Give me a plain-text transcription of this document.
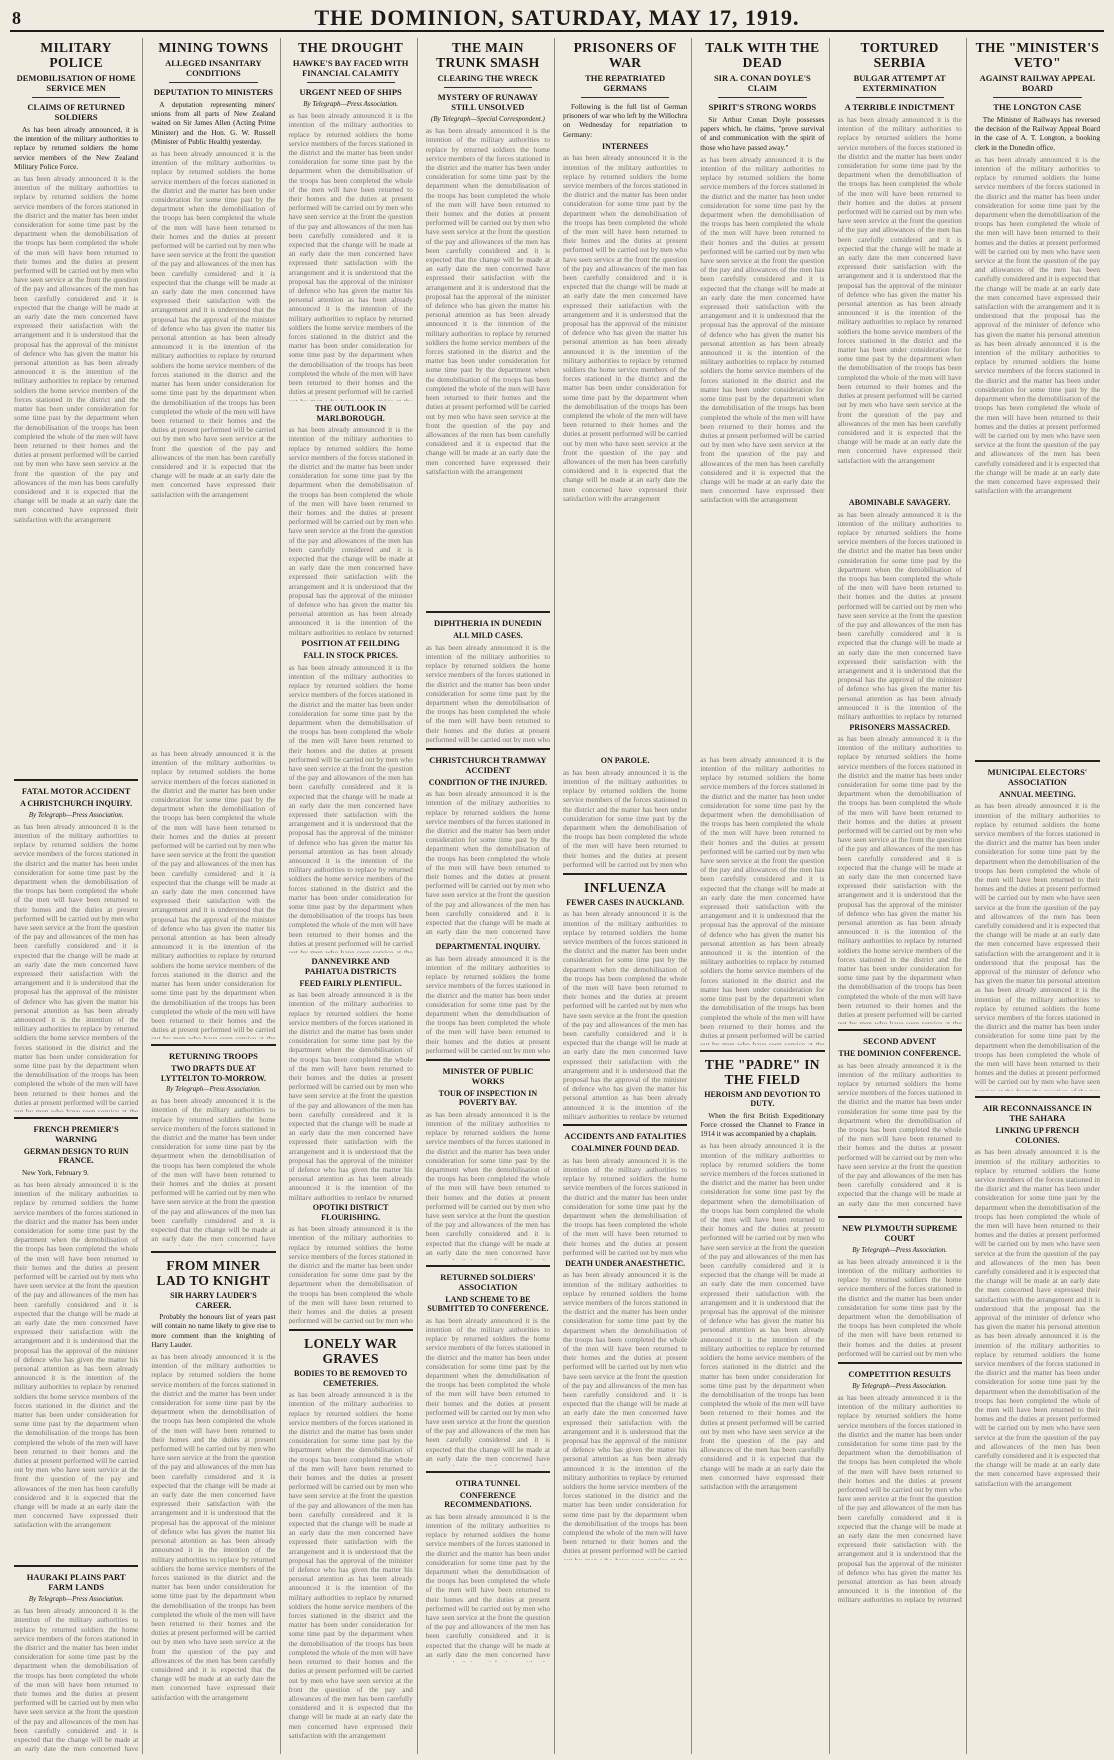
8	THE DOMINION, SATURDAY, MAY 17, 1919.
MILITARY POLICE
DEMOBILISATION OF HOME SERVICE MEN
CLAIMS OF RETURNED SOLDIERS

As has been already announced, it is the intention of the military authorities to replace by returned soldiers the home service members of the New Zealand Military Police Force.

as has been already announced it is the intention of the military authorities to replace by returned soldiers the home service members of the forces stationed in the district and the matter has been under consideration for some time past by the department when the demobilisation of the troops has been completed the whole of the men will have been returned to their homes and the duties at present performed will be carried out by men who have seen service at the front the question of the pay and allowances of the men has been carefully considered and it is expected that the change will be made at an early date the men concerned have expressed their satisfaction with the arrangement and it is understood that the proposal has the approval of the minister of defence who has given the matter his personal attention as has been already announced it is the intention of the military authorities to replace by returned soldiers the home service members of the forces stationed in the district and the matter has been under consideration for some time past by the department when the demobilisation of the troops has been completed the whole of the men will have been returned to their homes and the duties at present performed will be carried out by men who have seen service at the front the question of the pay and allowances of the men has been carefully considered and it is expected that the change will be made at an early date the men concerned have expressed their satisfaction with the arrangement
FATAL MOTOR ACCIDENT
A CHRISTCHURCH INQUIRY.
By Telegraph—Press Association.
as has been already announced it is the intention of the military authorities to replace by returned soldiers the home service members of the forces stationed in the district and the matter has been under consideration for some time past by the department when the demobilisation of the troops has been completed the whole of the men will have been returned to their homes and the duties at present performed will be carried out by men who have seen service at the front the question of the pay and allowances of the men has been carefully considered and it is expected that the change will be made at an early date the men concerned have expressed their satisfaction with the arrangement and it is understood that the proposal has the approval of the minister of defence who has given the matter his personal attention as has been already announced it is the intention of the military authorities to replace by returned soldiers the home service members of the forces stationed in the district and the matter has been under consideration for some time past by the department when the demobilisation of the troops has been completed the whole of the men will have been returned to their homes and the duties at present performed will be carried out by men who have seen service at the front the question of the pay and allowances of the men has been carefully considered and it is expected that the change will be made at an early date the men concerned have expressed their satisfaction with the arrangement
FRENCH PREMIER'S WARNING
GERMAN DESIGN TO RUIN FRANCE.

New York, February 9.

as has been already announced it is the intention of the military authorities to replace by returned soldiers the home service members of the forces stationed in the district and the matter has been under consideration for some time past by the department when the demobilisation of the troops has been completed the whole of the men will have been returned to their homes and the duties at present performed will be carried out by men who have seen service at the front the question of the pay and allowances of the men has been carefully considered and it is expected that the change will be made at an early date the men concerned have expressed their satisfaction with the arrangement and it is understood that the proposal has the approval of the minister of defence who has given the matter his personal attention as has been already announced it is the intention of the military authorities to replace by returned soldiers the home service members of the forces stationed in the district and the matter has been under consideration for some time past by the department when the demobilisation of the troops has been completed the whole of the men will have been returned to their homes and the duties at present performed will be carried out by men who have seen service at the front the question of the pay and allowances of the men has been carefully considered and it is expected that the change will be made at an early date the men concerned have expressed their satisfaction with the arrangement
HAURAKI PLAINS PART FARM LANDS
By Telegraph—Press Association.
as has been already announced it is the intention of the military authorities to replace by returned soldiers the home service members of the forces stationed in the district and the matter has been under consideration for some time past by the department when the demobilisation of the troops has been completed the whole of the men will have been returned to their homes and the duties at present performed will be carried out by men who have seen service at the front the question of the pay and allowances of the men has been carefully considered and it is expected that the change will be made at an early date the men concerned have expressed their satisfaction with the arrangement and it is understood that the proposal has the approval of the minister of defence who has given the matter his personal attention as has been already announced it is the intention of the military authorities to replace by returned soldiers the home service members of the forces stationed in the district and the matter has been under consideration for some time past by the department when the demobilisation of the troops has been completed the whole of the men will have been returned to their homes and the duties at present performed will be carried out by men who have seen service at the front the question of the pay and allowances of the men has been carefully considered and it is expected that the change will be made at an early date the men concerned have expressed their satisfaction with the arrangement
MINING TOWNS
ALLEGED INSANITARY CONDITIONS
DEPUTATION TO MINISTERS

A deputation representing miners' unions from all parts of New Zealand waited on Sir James Allen (Acting Prime Minister) and the Hon. G. W. Russell (Minister of Public Health) yesterday.

as has been already announced it is the intention of the military authorities to replace by returned soldiers the home service members of the forces stationed in the district and the matter has been under consideration for some time past by the department when the demobilisation of the troops has been completed the whole of the men will have been returned to their homes and the duties at present performed will be carried out by men who have seen service at the front the question of the pay and allowances of the men has been carefully considered and it is expected that the change will be made at an early date the men concerned have expressed their satisfaction with the arrangement and it is understood that the proposal has the approval of the minister of defence who has given the matter his personal attention as has been already announced it is the intention of the military authorities to replace by returned soldiers the home service members of the forces stationed in the district and the matter has been under consideration for some time past by the department when the demobilisation of the troops has been completed the whole of the men will have been returned to their homes and the duties at present performed will be carried out by men who have seen service at the front the question of the pay and allowances of the men has been carefully considered and it is expected that the change will be made at an early date the men concerned have expressed their satisfaction with the arrangement
as has been already announced it is the intention of the military authorities to replace by returned soldiers the home service members of the forces stationed in the district and the matter has been under consideration for some time past by the department when the demobilisation of the troops has been completed the whole of the men will have been returned to their homes and the duties at present performed will be carried out by men who have seen service at the front the question of the pay and allowances of the men has been carefully considered and it is expected that the change will be made at an early date the men concerned have expressed their satisfaction with the arrangement and it is understood that the proposal has the approval of the minister of defence who has given the matter his personal attention as has been already announced it is the intention of the military authorities to replace by returned soldiers the home service members of the forces stationed in the district and the matter has been under consideration for some time past by the department when the demobilisation of the troops has been completed the whole of the men will have been returned to their homes and the duties at present performed will be carried out by men who have seen service at the front the question of the pay and allowances of the men has been carefully considered and it is expected that the change will be made at an early date the men concerned have expressed their satisfaction with the arrangement
RETURNING TROOPS
TWO DRAFTS DUE AT LYTTELTON TO-MORROW.
By Telegraph—Press Association.
as has been already announced it is the intention of the military authorities to replace by returned soldiers the home service members of the forces stationed in the district and the matter has been under consideration for some time past by the department when the demobilisation of the troops has been completed the whole of the men will have been returned to their homes and the duties at present performed will be carried out by men who have seen service at the front the question of the pay and allowances of the men has been carefully considered and it is expected that the change will be made at an early date the men concerned have expressed their satisfaction with the arrangement and it is understood that the proposal has the approval of the minister of defence who has given the matter his personal attention as has been already announced it is the intention of the military authorities to replace by returned soldiers the home service members of the forces stationed in the district and the matter has been under consideration for some time past by the department when the demobilisation of the troops has been completed the whole of the men will have been returned to their homes and the duties at present performed will be carried out by men who have seen service at the front the question of the pay and allowances of the men has been carefully considered and it is expected that the change will be made at an early date the men concerned have expressed their satisfaction with the arrangement
FROM MINER LAD TO KNIGHT
SIR HARRY LAUDER'S CAREER.

Probably the honours list of years past will contain no name likely to give rise to more comment than the knighting of Harry Lauder.

as has been already announced it is the intention of the military authorities to replace by returned soldiers the home service members of the forces stationed in the district and the matter has been under consideration for some time past by the department when the demobilisation of the troops has been completed the whole of the men will have been returned to their homes and the duties at present performed will be carried out by men who have seen service at the front the question of the pay and allowances of the men has been carefully considered and it is expected that the change will be made at an early date the men concerned have expressed their satisfaction with the arrangement and it is understood that the proposal has the approval of the minister of defence who has given the matter his personal attention as has been already announced it is the intention of the military authorities to replace by returned soldiers the home service members of the forces stationed in the district and the matter has been under consideration for some time past by the department when the demobilisation of the troops has been completed the whole of the men will have been returned to their homes and the duties at present performed will be carried out by men who have seen service at the front the question of the pay and allowances of the men has been carefully considered and it is expected that the change will be made at an early date the men concerned have expressed their satisfaction with the arrangement
THE DROUGHT
HAWKE'S BAY FACED WITH FINANCIAL CALAMITY
URGENT NEED OF SHIPS
By Telegraph—Press Association.
as has been already announced it is the intention of the military authorities to replace by returned soldiers the home service members of the forces stationed in the district and the matter has been under consideration for some time past by the department when the demobilisation of the troops has been completed the whole of the men will have been returned to their homes and the duties at present performed will be carried out by men who have seen service at the front the question of the pay and allowances of the men has been carefully considered and it is expected that the change will be made at an early date the men concerned have expressed their satisfaction with the arrangement and it is understood that the proposal has the approval of the minister of defence who has given the matter his personal attention as has been already announced it is the intention of the military authorities to replace by returned soldiers the home service members of the forces stationed in the district and the matter has been under consideration for some time past by the department when the demobilisation of the troops has been completed the whole of the men will have been returned to their homes and the duties at present performed will be carried out by men who have seen service at the front the question of the pay and allowances of the men has been carefully considered and it is expected that the change will be made at an early date the men concerned have expressed their satisfaction with the arrangement
THE OUTLOOK IN MARLBOROUGH.
as has been already announced it is the intention of the military authorities to replace by returned soldiers the home service members of the forces stationed in the district and the matter has been under consideration for some time past by the department when the demobilisation of the troops has been completed the whole of the men will have been returned to their homes and the duties at present performed will be carried out by men who have seen service at the front the question of the pay and allowances of the men has been carefully considered and it is expected that the change will be made at an early date the men concerned have expressed their satisfaction with the arrangement and it is understood that the proposal has the approval of the minister of defence who has given the matter his personal attention as has been already announced it is the intention of the military authorities to replace by returned soldiers the home service members of the forces stationed in the district and the matter has been under consideration for some time past by the department when the demobilisation of the troops has been completed the whole of the men will have been returned to their homes and the duties at present performed will be carried out by men who have seen service at the front the question of the pay and allowances of the men has been carefully considered and it is expected that the change will be made at an early date the men concerned have expressed their satisfaction with the arrangement
POSITION AT FEILDING
FALL IN STOCK PRICES.
as has been already announced it is the intention of the military authorities to replace by returned soldiers the home service members of the forces stationed in the district and the matter has been under consideration for some time past by the department when the demobilisation of the troops has been completed the whole of the men will have been returned to their homes and the duties at present performed will be carried out by men who have seen service at the front the question of the pay and allowances of the men has been carefully considered and it is expected that the change will be made at an early date the men concerned have expressed their satisfaction with the arrangement and it is understood that the proposal has the approval of the minister of defence who has given the matter his personal attention as has been already announced it is the intention of the military authorities to replace by returned soldiers the home service members of the forces stationed in the district and the matter has been under consideration for some time past by the department when the demobilisation of the troops has been completed the whole of the men will have been returned to their homes and the duties at present performed will be carried out by men who have seen service at the front the question of the pay and allowances of the men has been carefully considered and it is expected that the change will be made at an early date the men concerned have expressed their satisfaction with the arrangement
DANNEVIRKE AND PAHIATUA DISTRICTS
FEED FAIRLY PLENTIFUL.
as has been already announced it is the intention of the military authorities to replace by returned soldiers the home service members of the forces stationed in the district and the matter has been under consideration for some time past by the department when the demobilisation of the troops has been completed the whole of the men will have been returned to their homes and the duties at present performed will be carried out by men who have seen service at the front the question of the pay and allowances of the men has been carefully considered and it is expected that the change will be made at an early date the men concerned have expressed their satisfaction with the arrangement and it is understood that the proposal has the approval of the minister of defence who has given the matter his personal attention as has been already announced it is the intention of the military authorities to replace by returned soldiers the home service members of the forces stationed in the district and the matter has been under consideration for some time past by the department when the demobilisation of the troops has been completed the whole of the men will have been returned to their homes and the duties at present performed will be carried out by men who have seen service at the front the question of the pay and allowances of the men has been carefully considered and it is expected that the change will be made at an early date the men concerned have expressed their satisfaction with the arrangement
OPOTIKI DISTRICT FLOURISHING.
as has been already announced it is the intention of the military authorities to replace by returned soldiers the home service members of the forces stationed in the district and the matter has been under consideration for some time past by the department when the demobilisation of the troops has been completed the whole of the men will have been returned to their homes and the duties at present performed will be carried out by men who have seen service at the front the question of the pay and allowances of the men has been carefully considered and it is expected that the change will be made at an early date the men concerned have expressed their satisfaction with the arrangement and it is understood that the proposal has the approval of the minister of defence who has given the matter his personal attention as has been already announced it is the intention of the military authorities to replace by returned soldiers the home service members of the forces stationed in the district and the matter has been under consideration for some time past by the department when the demobilisation of the troops has been completed the whole of the men will have been returned to their homes and the duties at present performed will be carried out by men who have seen service at the front the question of the pay and allowances of the men has been carefully considered and it is expected that the change will be made at an early date the men concerned have expressed their satisfaction with the arrangement
LONELY WAR GRAVES
BODIES TO BE REMOVED TO CEMETERIES.
as has been already announced it is the intention of the military authorities to replace by returned soldiers the home service members of the forces stationed in the district and the matter has been under consideration for some time past by the department when the demobilisation of the troops has been completed the whole of the men will have been returned to their homes and the duties at present performed will be carried out by men who have seen service at the front the question of the pay and allowances of the men has been carefully considered and it is expected that the change will be made at an early date the men concerned have expressed their satisfaction with the arrangement and it is understood that the proposal has the approval of the minister of defence who has given the matter his personal attention as has been already announced it is the intention of the military authorities to replace by returned soldiers the home service members of the forces stationed in the district and the matter has been under consideration for some time past by the department when the demobilisation of the troops has been completed the whole of the men will have been returned to their homes and the duties at present performed will be carried out by men who have seen service at the front the question of the pay and allowances of the men has been carefully considered and it is expected that the change will be made at an early date the men concerned have expressed their satisfaction with the arrangement
THE MAIN TRUNK SMASH
CLEARING THE WRECK
MYSTERY OF RUNAWAY STILL UNSOLVED
(By Telegraph—Special Correspondent.)
as has been already announced it is the intention of the military authorities to replace by returned soldiers the home service members of the forces stationed in the district and the matter has been under consideration for some time past by the department when the demobilisation of the troops has been completed the whole of the men will have been returned to their homes and the duties at present performed will be carried out by men who have seen service at the front the question of the pay and allowances of the men has been carefully considered and it is expected that the change will be made at an early date the men concerned have expressed their satisfaction with the arrangement and it is understood that the proposal has the approval of the minister of defence who has given the matter his personal attention as has been already announced it is the intention of the military authorities to replace by returned soldiers the home service members of the forces stationed in the district and the matter has been under consideration for some time past by the department when the demobilisation of the troops has been completed the whole of the men will have been returned to their homes and the duties at present performed will be carried out by men who have seen service at the front the question of the pay and allowances of the men has been carefully considered and it is expected that the change will be made at an early date the men concerned have expressed their satisfaction with the arrangement
DIPHTHERIA IN DUNEDIN
ALL MILD CASES.
as has been already announced it is the intention of the military authorities to replace by returned soldiers the home service members of the forces stationed in the district and the matter has been under consideration for some time past by the department when the demobilisation of the troops has been completed the whole of the men will have been returned to their homes and the duties at present performed will be carried out by men who have seen service at the front the question of the pay and allowances of the men has been carefully considered and it is expected that the change will be made at an early date the men concerned have expressed their satisfaction with the arrangement and it is understood that the proposal has the approval of the minister of defence who has given the matter his personal attention as has been already announced it is the intention of the military authorities to replace by returned soldiers the home service members of the forces stationed in the district and the matter has been under consideration for some time past by the department when the demobilisation of the troops has been completed the whole of the men will have been returned to their homes and the duties at present performed will be carried out by men who have seen service at the front the question of the pay and allowances of the men has been carefully considered and it is expected that the change will be made at an early date the men concerned have expressed their satisfaction with the arrangement
CHRISTCHURCH TRAMWAY ACCIDENT
CONDITION OF THE INJURED.
as has been already announced it is the intention of the military authorities to replace by returned soldiers the home service members of the forces stationed in the district and the matter has been under consideration for some time past by the department when the demobilisation of the troops has been completed the whole of the men will have been returned to their homes and the duties at present performed will be carried out by men who have seen service at the front the question of the pay and allowances of the men has been carefully considered and it is expected that the change will be made at an early date the men concerned have expressed their satisfaction with the arrangement and it is understood that the proposal has the approval of the minister of defence who has given the matter his personal attention as has been already announced it is the intention of the military authorities to replace by returned soldiers the home service members of the forces stationed in the district and the matter has been under consideration for some time past by the department when the demobilisation of the troops has been completed the whole of the men will have been returned to their homes and the duties at present performed will be carried out by men who have seen service at the front the question of the pay and allowances of the men has been carefully considered and it is expected that the change will be made at an early date the men concerned have expressed their satisfaction with the arrangement
DEPARTMENTAL INQUIRY.
as has been already announced it is the intention of the military authorities to replace by returned soldiers the home service members of the forces stationed in the district and the matter has been under consideration for some time past by the department when the demobilisation of the troops has been completed the whole of the men will have been returned to their homes and the duties at present performed will be carried out by men who have seen service at the front the question of the pay and allowances of the men has been carefully considered and it is expected that the change will be made at an early date the men concerned have expressed their satisfaction with the arrangement and it is understood that the proposal has the approval of the minister of defence who has given the matter his personal attention as has been already announced it is the intention of the military authorities to replace by returned soldiers the home service members of the forces stationed in the district and the matter has been under consideration for some time past by the department when the demobilisation of the troops has been completed the whole of the men will have been returned to their homes and the duties at present performed will be carried out by men who have seen service at the front the question of the pay and allowances of the men has been carefully considered and it is expected that the change will be made at an early date the men concerned have expressed their satisfaction with the arrangement
MINISTER OF PUBLIC WORKS
TOUR OF INSPECTION IN POVERTY BAY.
as has been already announced it is the intention of the military authorities to replace by returned soldiers the home service members of the forces stationed in the district and the matter has been under consideration for some time past by the department when the demobilisation of the troops has been completed the whole of the men will have been returned to their homes and the duties at present performed will be carried out by men who have seen service at the front the question of the pay and allowances of the men has been carefully considered and it is expected that the change will be made at an early date the men concerned have expressed their satisfaction with the arrangement and it is understood that the proposal has the approval of the minister of defence who has given the matter his personal attention as has been already announced it is the intention of the military authorities to replace by returned soldiers the home service members of the forces stationed in the district and the matter has been under consideration for some time past by the department when the demobilisation of the troops has been completed the whole of the men will have been returned to their homes and the duties at present performed will be carried out by men who have seen service at the front the question of the pay and allowances of the men has been carefully considered and it is expected that the change will be made at an early date the men concerned have expressed their satisfaction with the arrangement
RETURNED SOLDIERS' ASSOCIATION
LAND SCHEME TO BE SUBMITTED TO CONFERENCE.
as has been already announced it is the intention of the military authorities to replace by returned soldiers the home service members of the forces stationed in the district and the matter has been under consideration for some time past by the department when the demobilisation of the troops has been completed the whole of the men will have been returned to their homes and the duties at present performed will be carried out by men who have seen service at the front the question of the pay and allowances of the men has been carefully considered and it is expected that the change will be made at an early date the men concerned have expressed their satisfaction with the arrangement and it is understood that the proposal has the approval of the minister of defence who has given the matter his personal attention as has been already announced it is the intention of the military authorities to replace by returned soldiers the home service members of the forces stationed in the district and the matter has been under consideration for some time past by the department when the demobilisation of the troops has been completed the whole of the men will have been returned to their homes and the duties at present performed will be carried out by men who have seen service at the front the question of the pay and allowances of the men has been carefully considered and it is expected that the change will be made at an early date the men concerned have expressed their satisfaction with the arrangement
OTIRA TUNNEL
CONFERENCE RECOMMENDATIONS.
as has been already announced it is the intention of the military authorities to replace by returned soldiers the home service members of the forces stationed in the district and the matter has been under consideration for some time past by the department when the demobilisation of the troops has been completed the whole of the men will have been returned to their homes and the duties at present performed will be carried out by men who have seen service at the front the question of the pay and allowances of the men has been carefully considered and it is expected that the change will be made at an early date the men concerned have expressed their satisfaction with the arrangement and it is understood that the proposal has the approval of the minister of defence who has given the matter his personal attention as has been already announced it is the intention of the military authorities to replace by returned soldiers the home service members of the forces stationed in the district and the matter has been under consideration for some time past by the department when the demobilisation of the troops has been completed the whole of the men will have been returned to their homes and the duties at present performed will be carried out by men who have seen service at the front the question of the pay and allowances of the men has been carefully considered and it is expected that the change will be made at an early date the men concerned have expressed their satisfaction with the arrangement
PRISONERS OF WAR
THE REPATRIATED GERMANS

Following is the full list of German prisoners of war who left by the Willochra on Wednesday for repatriation to Germany:

INTERNEES
as has been already announced it is the intention of the military authorities to replace by returned soldiers the home service members of the forces stationed in the district and the matter has been under consideration for some time past by the department when the demobilisation of the troops has been completed the whole of the men will have been returned to their homes and the duties at present performed will be carried out by men who have seen service at the front the question of the pay and allowances of the men has been carefully considered and it is expected that the change will be made at an early date the men concerned have expressed their satisfaction with the arrangement and it is understood that the proposal has the approval of the minister of defence who has given the matter his personal attention as has been already announced it is the intention of the military authorities to replace by returned soldiers the home service members of the forces stationed in the district and the matter has been under consideration for some time past by the department when the demobilisation of the troops has been completed the whole of the men will have been returned to their homes and the duties at present performed will be carried out by men who have seen service at the front the question of the pay and allowances of the men has been carefully considered and it is expected that the change will be made at an early date the men concerned have expressed their satisfaction with the arrangement
ON PAROLE.
as has been already announced it is the intention of the military authorities to replace by returned soldiers the home service members of the forces stationed in the district and the matter has been under consideration for some time past by the department when the demobilisation of the troops has been completed the whole of the men will have been returned to their homes and the duties at present performed will be carried out by men who have seen service at the front the question of the pay and allowances of the men has been carefully considered and it is expected that the change will be made at an early date the men concerned have expressed their satisfaction with the arrangement and it is understood that the proposal has the approval of the minister of defence who has given the matter his personal attention as has been already announced it is the intention of the military authorities to replace by returned soldiers the home service members of the forces stationed in the district and the matter has been under consideration for some time past by the department when the demobilisation of the troops has been completed the whole of the men will have been returned to their homes and the duties at present performed will be carried out by men who have seen service at the front the question of the pay and allowances of the men has been carefully considered and it is expected that the change will be made at an early date the men concerned have expressed their satisfaction with the arrangement
INFLUENZA
FEWER CASES IN AUCKLAND.
as has been already announced it is the intention of the military authorities to replace by returned soldiers the home service members of the forces stationed in the district and the matter has been under consideration for some time past by the department when the demobilisation of the troops has been completed the whole of the men will have been returned to their homes and the duties at present performed will be carried out by men who have seen service at the front the question of the pay and allowances of the men has been carefully considered and it is expected that the change will be made at an early date the men concerned have expressed their satisfaction with the arrangement and it is understood that the proposal has the approval of the minister of defence who has given the matter his personal attention as has been already announced it is the intention of the military authorities to replace by returned soldiers the home service members of the forces stationed in the district and the matter has been under consideration for some time past by the department when the demobilisation of the troops has been completed the whole of the men will have been returned to their homes and the duties at present performed will be carried out by men who have seen service at the front the question of the pay and allowances of the men has been carefully considered and it is expected that the change will be made at an early date the men concerned have expressed their satisfaction with the arrangement
ACCIDENTS AND FATALITIES
COALMINER FOUND DEAD.
as has been already announced it is the intention of the military authorities to replace by returned soldiers the home service members of the forces stationed in the district and the matter has been under consideration for some time past by the department when the demobilisation of the troops has been completed the whole of the men will have been returned to their homes and the duties at present performed will be carried out by men who have seen service at the front the question of the pay and allowances of the men has been carefully considered and it is expected that the change will be made at an early date the men concerned have expressed their satisfaction with the arrangement and it is understood that the proposal has the approval of the minister of defence who has given the matter his personal attention as has been already announced it is the intention of the military authorities to replace by returned soldiers the home service members of the forces stationed in the district and the matter has been under consideration for some time past by the department when the demobilisation of the troops has been completed the whole of the men will have been returned to their homes and the duties at present performed will be carried out by men who have seen service at the front the question of the pay and allowances of the men has been carefully considered and it is expected that the change will be made at an early date the men concerned have expressed their satisfaction with the arrangement
DEATH UNDER ANAESTHETIC.
as has been already announced it is the intention of the military authorities to replace by returned soldiers the home service members of the forces stationed in the district and the matter has been under consideration for some time past by the department when the demobilisation of the troops has been completed the whole of the men will have been returned to their homes and the duties at present performed will be carried out by men who have seen service at the front the question of the pay and allowances of the men has been carefully considered and it is expected that the change will be made at an early date the men concerned have expressed their satisfaction with the arrangement and it is understood that the proposal has the approval of the minister of defence who has given the matter his personal attention as has been already announced it is the intention of the military authorities to replace by returned soldiers the home service members of the forces stationed in the district and the matter has been under consideration for some time past by the department when the demobilisation of the troops has been completed the whole of the men will have been returned to their homes and the duties at present performed will be carried out by men who have seen service at the front the question of the pay and allowances of the men has been carefully considered and it is expected that the change will be made at an early date the men concerned have expressed their satisfaction with the arrangement
TALK WITH THE DEAD
SIR A. CONAN DOYLE'S CLAIM
SPIRIT'S STRONG WORDS

Sir Arthur Conan Doyle possesses papers which, he claims, "prove survival of and communication with the spirit of those who have passed away."

as has been already announced it is the intention of the military authorities to replace by returned soldiers the home service members of the forces stationed in the district and the matter has been under consideration for some time past by the department when the demobilisation of the troops has been completed the whole of the men will have been returned to their homes and the duties at present performed will be carried out by men who have seen service at the front the question of the pay and allowances of the men has been carefully considered and it is expected that the change will be made at an early date the men concerned have expressed their satisfaction with the arrangement and it is understood that the proposal has the approval of the minister of defence who has given the matter his personal attention as has been already announced it is the intention of the military authorities to replace by returned soldiers the home service members of the forces stationed in the district and the matter has been under consideration for some time past by the department when the demobilisation of the troops has been completed the whole of the men will have been returned to their homes and the duties at present performed will be carried out by men who have seen service at the front the question of the pay and allowances of the men has been carefully considered and it is expected that the change will be made at an early date the men concerned have expressed their satisfaction with the arrangement
as has been already announced it is the intention of the military authorities to replace by returned soldiers the home service members of the forces stationed in the district and the matter has been under consideration for some time past by the department when the demobilisation of the troops has been completed the whole of the men will have been returned to their homes and the duties at present performed will be carried out by men who have seen service at the front the question of the pay and allowances of the men has been carefully considered and it is expected that the change will be made at an early date the men concerned have expressed their satisfaction with the arrangement and it is understood that the proposal has the approval of the minister of defence who has given the matter his personal attention as has been already announced it is the intention of the military authorities to replace by returned soldiers the home service members of the forces stationed in the district and the matter has been under consideration for some time past by the department when the demobilisation of the troops has been completed the whole of the men will have been returned to their homes and the duties at present performed will be carried out by men who have seen service at the front the question of the pay and allowances of the men has been carefully considered and it is expected that the change will be made at an early date the men concerned have expressed their satisfaction with the arrangement
THE "PADRE" IN THE FIELD
HEROISM AND DEVOTION TO DUTY.

When the first British Expeditionary Force crossed the Channel to France in 1914 it was accompanied by a chaplain.

as has been already announced it is the intention of the military authorities to replace by returned soldiers the home service members of the forces stationed in the district and the matter has been under consideration for some time past by the department when the demobilisation of the troops has been completed the whole of the men will have been returned to their homes and the duties at present performed will be carried out by men who have seen service at the front the question of the pay and allowances of the men has been carefully considered and it is expected that the change will be made at an early date the men concerned have expressed their satisfaction with the arrangement and it is understood that the proposal has the approval of the minister of defence who has given the matter his personal attention as has been already announced it is the intention of the military authorities to replace by returned soldiers the home service members of the forces stationed in the district and the matter has been under consideration for some time past by the department when the demobilisation of the troops has been completed the whole of the men will have been returned to their homes and the duties at present performed will be carried out by men who have seen service at the front the question of the pay and allowances of the men has been carefully considered and it is expected that the change will be made at an early date the men concerned have expressed their satisfaction with the arrangement
TORTURED SERBIA
BULGAR ATTEMPT AT EXTERMINATION
A TERRIBLE INDICTMENT
as has been already announced it is the intention of the military authorities to replace by returned soldiers the home service members of the forces stationed in the district and the matter has been under consideration for some time past by the department when the demobilisation of the troops has been completed the whole of the men will have been returned to their homes and the duties at present performed will be carried out by men who have seen service at the front the question of the pay and allowances of the men has been carefully considered and it is expected that the change will be made at an early date the men concerned have expressed their satisfaction with the arrangement and it is understood that the proposal has the approval of the minister of defence who has given the matter his personal attention as has been already announced it is the intention of the military authorities to replace by returned soldiers the home service members of the forces stationed in the district and the matter has been under consideration for some time past by the department when the demobilisation of the troops has been completed the whole of the men will have been returned to their homes and the duties at present performed will be carried out by men who have seen service at the front the question of the pay and allowances of the men has been carefully considered and it is expected that the change will be made at an early date the men concerned have expressed their satisfaction with the arrangement
ABOMINABLE SAVAGERY.
as has been already announced it is the intention of the military authorities to replace by returned soldiers the home service members of the forces stationed in the district and the matter has been under consideration for some time past by the department when the demobilisation of the troops has been completed the whole of the men will have been returned to their homes and the duties at present performed will be carried out by men who have seen service at the front the question of the pay and allowances of the men has been carefully considered and it is expected that the change will be made at an early date the men concerned have expressed their satisfaction with the arrangement and it is understood that the proposal has the approval of the minister of defence who has given the matter his personal attention as has been already announced it is the intention of the military authorities to replace by returned soldiers the home service members of the forces stationed in the district and the matter has been under consideration for some time past by the department when the demobilisation of the troops has been completed the whole of the men will have been returned to their homes and the duties at present performed will be carried out by men who have seen service at the front the question of the pay and allowances of the men has been carefully considered and it is expected that the change will be made at an early date the men concerned have expressed their satisfaction with the arrangement
PRISONERS MASSACRED.
as has been already announced it is the intention of the military authorities to replace by returned soldiers the home service members of the forces stationed in the district and the matter has been under consideration for some time past by the department when the demobilisation of the troops has been completed the whole of the men will have been returned to their homes and the duties at present performed will be carried out by men who have seen service at the front the question of the pay and allowances of the men has been carefully considered and it is expected that the change will be made at an early date the men concerned have expressed their satisfaction with the arrangement and it is understood that the proposal has the approval of the minister of defence who has given the matter his personal attention as has been already announced it is the intention of the military authorities to replace by returned soldiers the home service members of the forces stationed in the district and the matter has been under consideration for some time past by the department when the demobilisation of the troops has been completed the whole of the men will have been returned to their homes and the duties at present performed will be carried out by men who have seen service at the front the question of the pay and allowances of the men has been carefully considered and it is expected that the change will be made at an early date the men concerned have expressed their satisfaction with the arrangement
SECOND ADVENT
THE DOMINION CONFERENCE.
as has been already announced it is the intention of the military authorities to replace by returned soldiers the home service members of the forces stationed in the district and the matter has been under consideration for some time past by the department when the demobilisation of the troops has been completed the whole of the men will have been returned to their homes and the duties at present performed will be carried out by men who have seen service at the front the question of the pay and allowances of the men has been carefully considered and it is expected that the change will be made at an early date the men concerned have expressed their satisfaction with the arrangement and it is understood that the proposal has the approval of the minister of defence who has given the matter his personal attention as has been already announced it is the intention of the military authorities to replace by returned soldiers the home service members of the forces stationed in the district and the matter has been under consideration for some time past by the department when the demobilisation of the troops has been completed the whole of the men will have been returned to their homes and the duties at present performed will be carried out by men who have seen service at the front the question of the pay and allowances of the men has been carefully considered and it is expected that the change will be made at an early date the men concerned have expressed their satisfaction with the arrangement
NEW PLYMOUTH SUPREME COURT
By Telegraph—Press Association.
as has been already announced it is the intention of the military authorities to replace by returned soldiers the home service members of the forces stationed in the district and the matter has been under consideration for some time past by the department when the demobilisation of the troops has been completed the whole of the men will have been returned to their homes and the duties at present performed will be carried out by men who have seen service at the front the question of the pay and allowances of the men has been carefully considered and it is expected that the change will be made at an early date the men concerned have expressed their satisfaction with the arrangement and it is understood that the proposal has the approval of the minister of defence who has given the matter his personal attention as has been already announced it is the intention of the military authorities to replace by returned soldiers the home service members of the forces stationed in the district and the matter has been under consideration for some time past by the department when the demobilisation of the troops has been completed the whole of the men will have been returned to their homes and the duties at present performed will be carried out by men who have seen service at the front the question of the pay and allowances of the men has been carefully considered and it is expected that the change will be made at an early date the men concerned have expressed their satisfaction with the arrangement
COMPETITION RESULTS
By Telegraph—Press Association.
as has been already announced it is the intention of the military authorities to replace by returned soldiers the home service members of the forces stationed in the district and the matter has been under consideration for some time past by the department when the demobilisation of the troops has been completed the whole of the men will have been returned to their homes and the duties at present performed will be carried out by men who have seen service at the front the question of the pay and allowances of the men has been carefully considered and it is expected that the change will be made at an early date the men concerned have expressed their satisfaction with the arrangement and it is understood that the proposal has the approval of the minister of defence who has given the matter his personal attention as has been already announced it is the intention of the military authorities to replace by returned soldiers the home service members of the forces stationed in the district and the matter has been under consideration for some time past by the department when the demobilisation of the troops has been completed the whole of the men will have been returned to their homes and the duties at present performed will be carried out by men who have seen service at the front the question of the pay and allowances of the men has been carefully considered and it is expected that the change will be made at an early date the men concerned have expressed their satisfaction with the arrangement
THE "MINISTER'S VETO"
AGAINST RAILWAY APPEAL BOARD
THE LONGTON CASE

The Minister of Railways has reversed the decision of the Railway Appeal Board in the case of A. T. Longton, a booking clerk in the Dunedin office.

as has been already announced it is the intention of the military authorities to replace by returned soldiers the home service members of the forces stationed in the district and the matter has been under consideration for some time past by the department when the demobilisation of the troops has been completed the whole of the men will have been returned to their homes and the duties at present performed will be carried out by men who have seen service at the front the question of the pay and allowances of the men has been carefully considered and it is expected that the change will be made at an early date the men concerned have expressed their satisfaction with the arrangement and it is understood that the proposal has the approval of the minister of defence who has given the matter his personal attention as has been already announced it is the intention of the military authorities to replace by returned soldiers the home service members of the forces stationed in the district and the matter has been under consideration for some time past by the department when the demobilisation of the troops has been completed the whole of the men will have been returned to their homes and the duties at present performed will be carried out by men who have seen service at the front the question of the pay and allowances of the men has been carefully considered and it is expected that the change will be made at an early date the men concerned have expressed their satisfaction with the arrangement
MUNICIPAL ELECTORS' ASSOCIATION
ANNUAL MEETING.
as has been already announced it is the intention of the military authorities to replace by returned soldiers the home service members of the forces stationed in the district and the matter has been under consideration for some time past by the department when the demobilisation of the troops has been completed the whole of the men will have been returned to their homes and the duties at present performed will be carried out by men who have seen service at the front the question of the pay and allowances of the men has been carefully considered and it is expected that the change will be made at an early date the men concerned have expressed their satisfaction with the arrangement and it is understood that the proposal has the approval of the minister of defence who has given the matter his personal attention as has been already announced it is the intention of the military authorities to replace by returned soldiers the home service members of the forces stationed in the district and the matter has been under consideration for some time past by the department when the demobilisation of the troops has been completed the whole of the men will have been returned to their homes and the duties at present performed will be carried out by men who have seen service at the front the question of the pay and allowances of the men has been carefully considered and it is expected that the change will be made at an early date the men concerned have expressed their satisfaction with the arrangement
AIR RECONNAISSANCE IN THE SAHARA
LINKING UP FRENCH COLONIES.
as has been already announced it is the intention of the military authorities to replace by returned soldiers the home service members of the forces stationed in the district and the matter has been under consideration for some time past by the department when the demobilisation of the troops has been completed the whole of the men will have been returned to their homes and the duties at present performed will be carried out by men who have seen service at the front the question of the pay and allowances of the men has been carefully considered and it is expected that the change will be made at an early date the men concerned have expressed their satisfaction with the arrangement and it is understood that the proposal has the approval of the minister of defence who has given the matter his personal attention as has been already announced it is the intention of the military authorities to replace by returned soldiers the home service members of the forces stationed in the district and the matter has been under consideration for some time past by the department when the demobilisation of the troops has been completed the whole of the men will have been returned to their homes and the duties at present performed will be carried out by men who have seen service at the front the question of the pay and allowances of the men has been carefully considered and it is expected that the change will be made at an early date the men concerned have expressed their satisfaction with the arrangement
